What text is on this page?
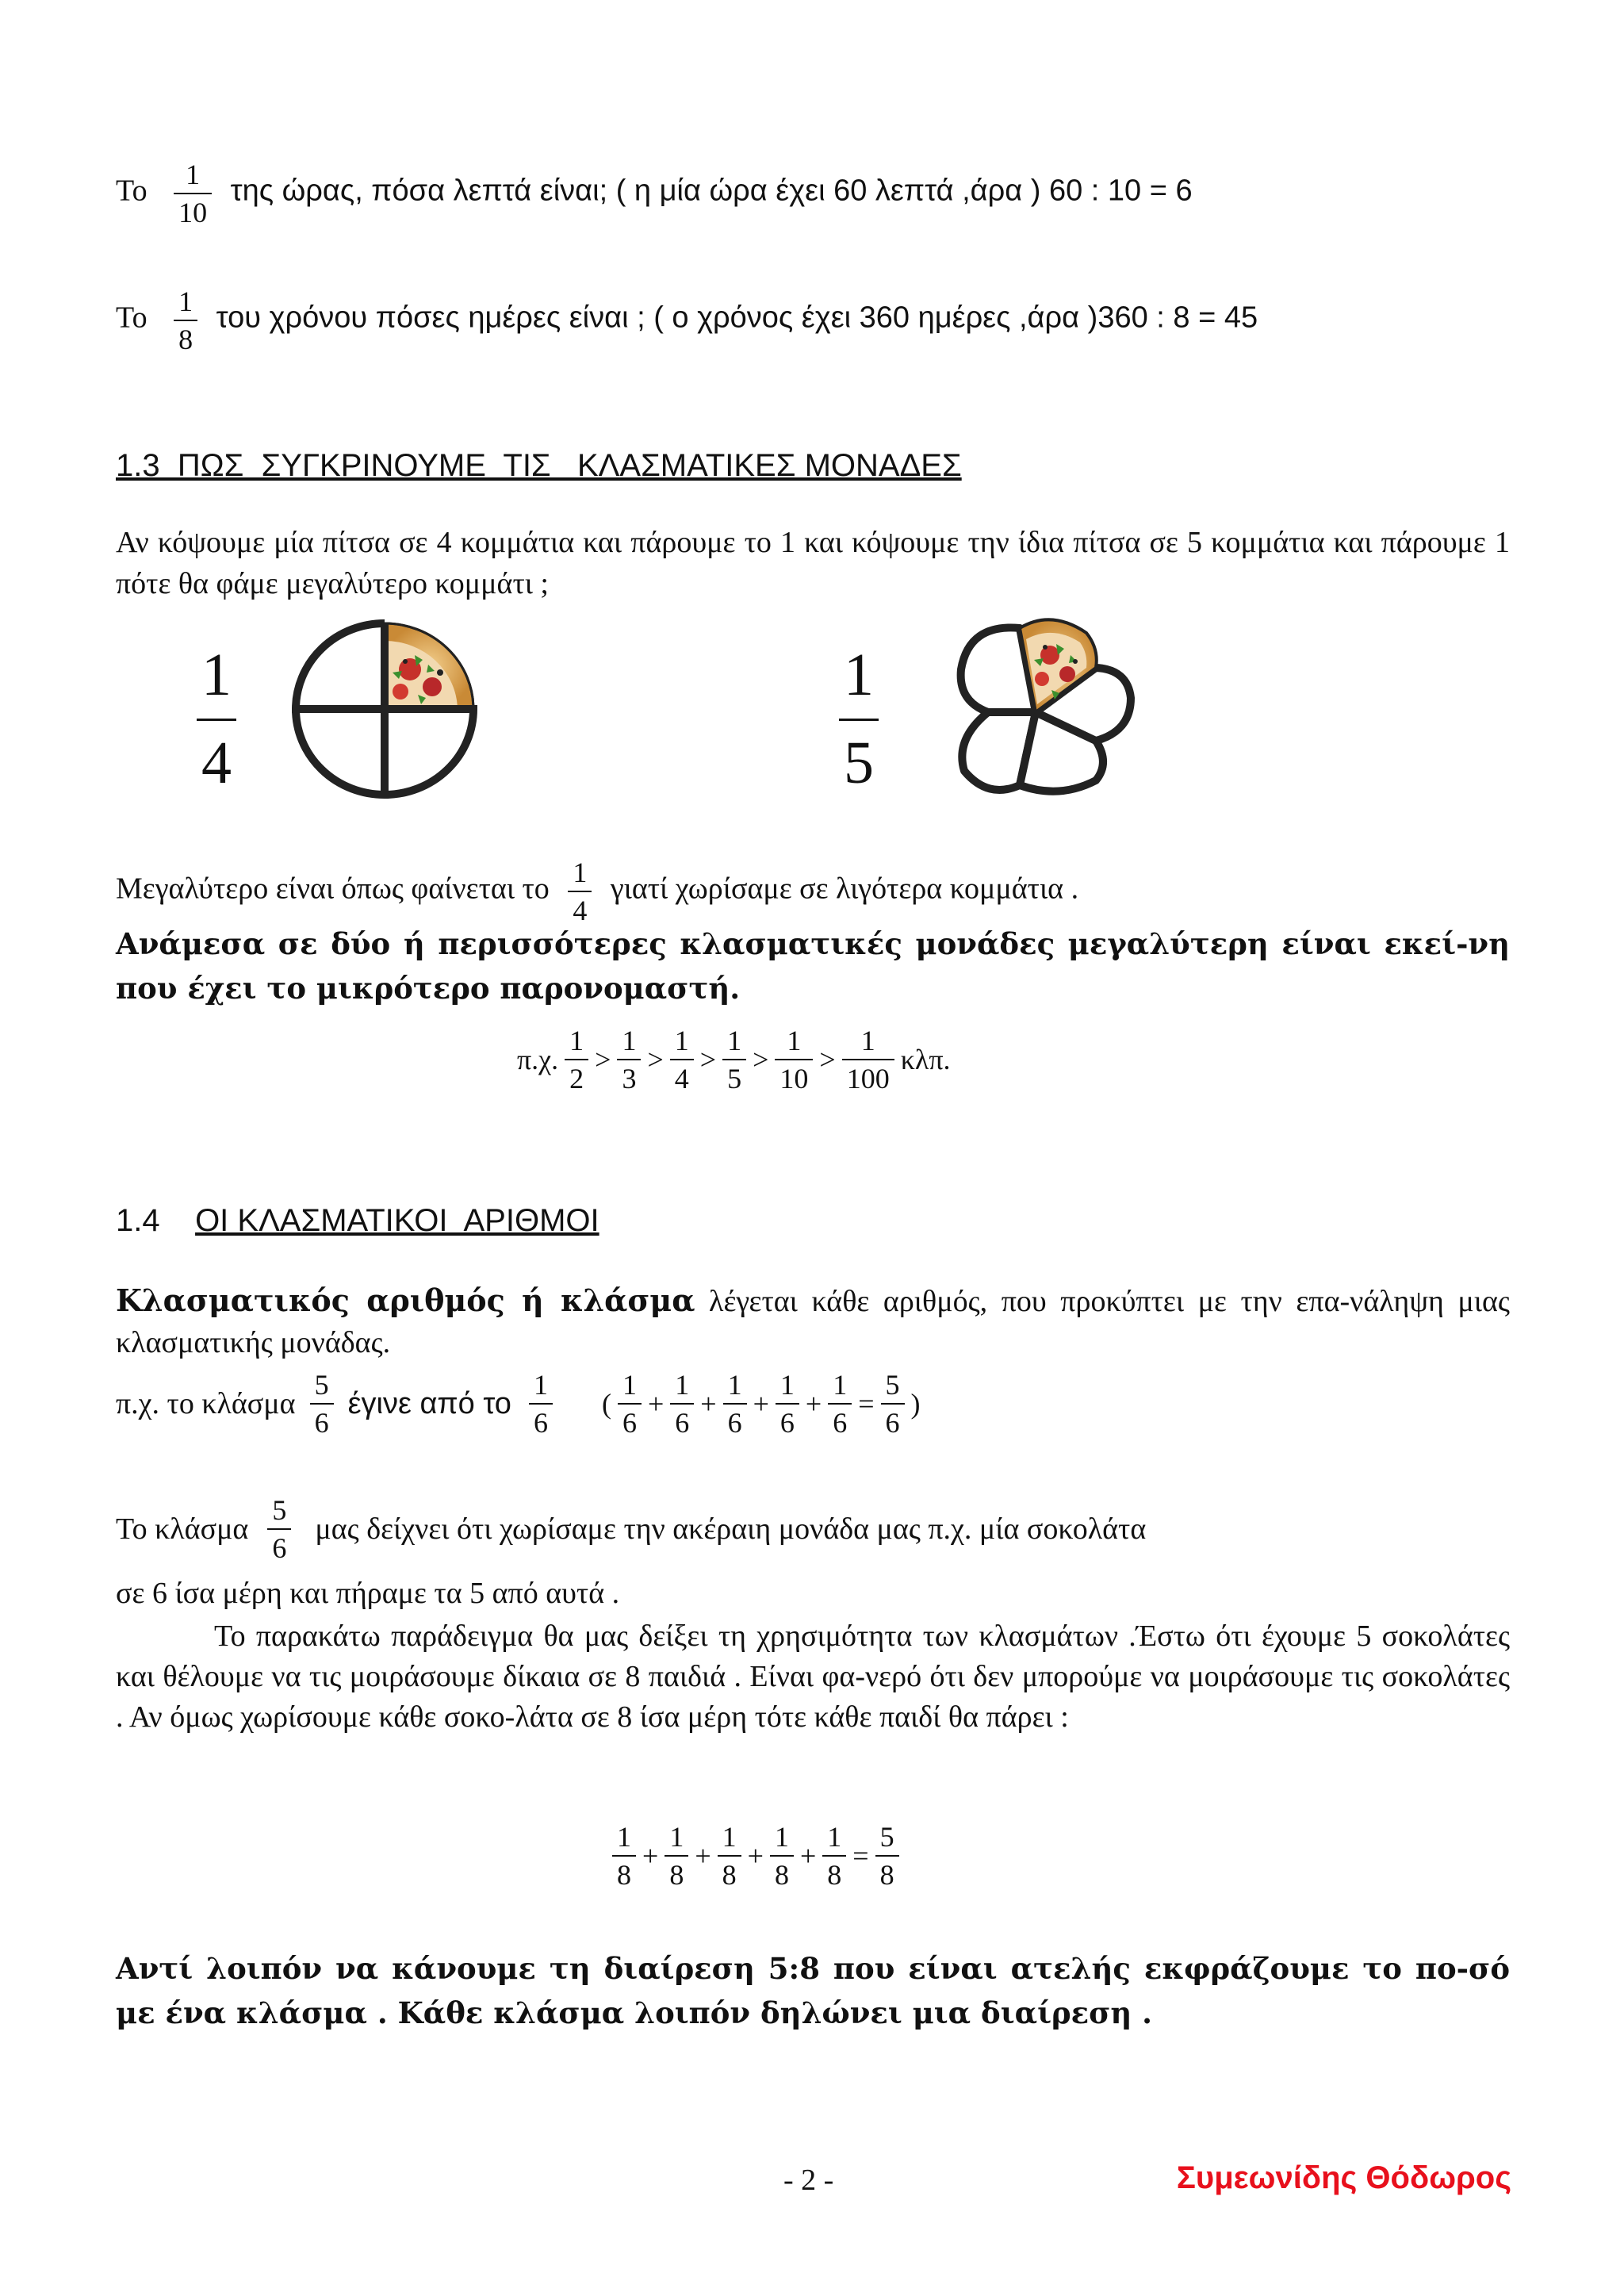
Το $\frac{1}{10}$ της ώρας, πόσα λεπτά είναι; ( η μία ώρα έχει 60 λεπτά ,άρα ) 60 : 10 = 6
Το $\frac{1}{8}$ του χρόνου πόσες ημέρες είναι ; ( ο χρόνος έχει 360 ημέρες ,άρα )360 : 8 = 45
1.3  ΠΩΣ  ΣΥΓΚΡΙΝΟΥΜΕ  ΤΙΣ   ΚΛΑΣΜΑΤΙΚΕΣ ΜΟΝΑΔΕΣ
Αν κόψουμε μία πίτσα σε 4 κομμάτια και πάρουμε το 1 και κόψουμε την ίδια πίτσα σε 5 κομμάτια και πάρουμε 1 πότε θα φάμε μεγαλύτερο κομμάτι ;
$\frac{1}{4}$	$\frac{1}{5}$
Μεγαλύτερο είναι όπως φαίνεται το $\frac{1}{4}$ γιατί χωρίσαμε σε λιγότερα κομμάτια .
Ανάμεσα σε δύο ή περισσότερες κλασματικές μονάδες μεγαλύτερη είναι εκεί-νη που έχει το μικρότερο παρονομαστή.
π.χ. $\frac{1}{2} > \frac{1}{3} > \frac{1}{4} > \frac{1}{5} > \frac{1}{10} > \frac{1}{100} \kappa\lambda\pi$.
1.4    ΟΙ ΚΛΑΣΜΑΤΙΚΟΙ  ΑΡΙΘΜΟΙ
Κλασματικός αριθμός ή κλάσμα λέγεται κάθε αριθμός, που προκύπτει με την επα-νάληψη μιας κλασματικής μονάδας.
π.χ. το κλάσμα $\frac{5}{6}$ έγινε από το $\frac{1}{6}$ ( $\frac{1}{6} + \frac{1}{6} + \frac{1}{6} + \frac{1}{6} + \frac{1}{6} = \frac{5}{6}$ )
Το κλάσμα $\frac{5}{6}$ μας δείχνει ότι χωρίσαμε την ακέραιη μονάδα μας π.χ. μία σοκολάτα
σε 6 ίσα μέρη και πήραμε τα 5 από αυτά .
Το παρακάτω παράδειγμα θα μας δείξει τη χρησιμότητα των κλασμάτων .Έστω ότι έχουμε 5 σοκολάτες και θέλουμε να τις μοιράσουμε δίκαια σε 8 παιδιά . Είναι φα-νερό ότι δεν μπορούμε να μοιράσουμε τις σοκολάτες . Αν όμως χωρίσουμε κάθε σοκο-λάτα σε 8 ίσα μέρη τότε κάθε παιδί θα πάρει :
$\frac{1}{8} + \frac{1}{8} + \frac{1}{8} + \frac{1}{8} + \frac{1}{8} = \frac{5}{8}$
Αντί λοιπόν να κάνουμε τη διαίρεση 5:8 που είναι ατελής εκφράζουμε το πο-σό με ένα κλάσμα . Κάθε κλάσμα λοιπόν δηλώνει μια διαίρεση .
- 2 -	Συμεωνίδης Θόδωρος
